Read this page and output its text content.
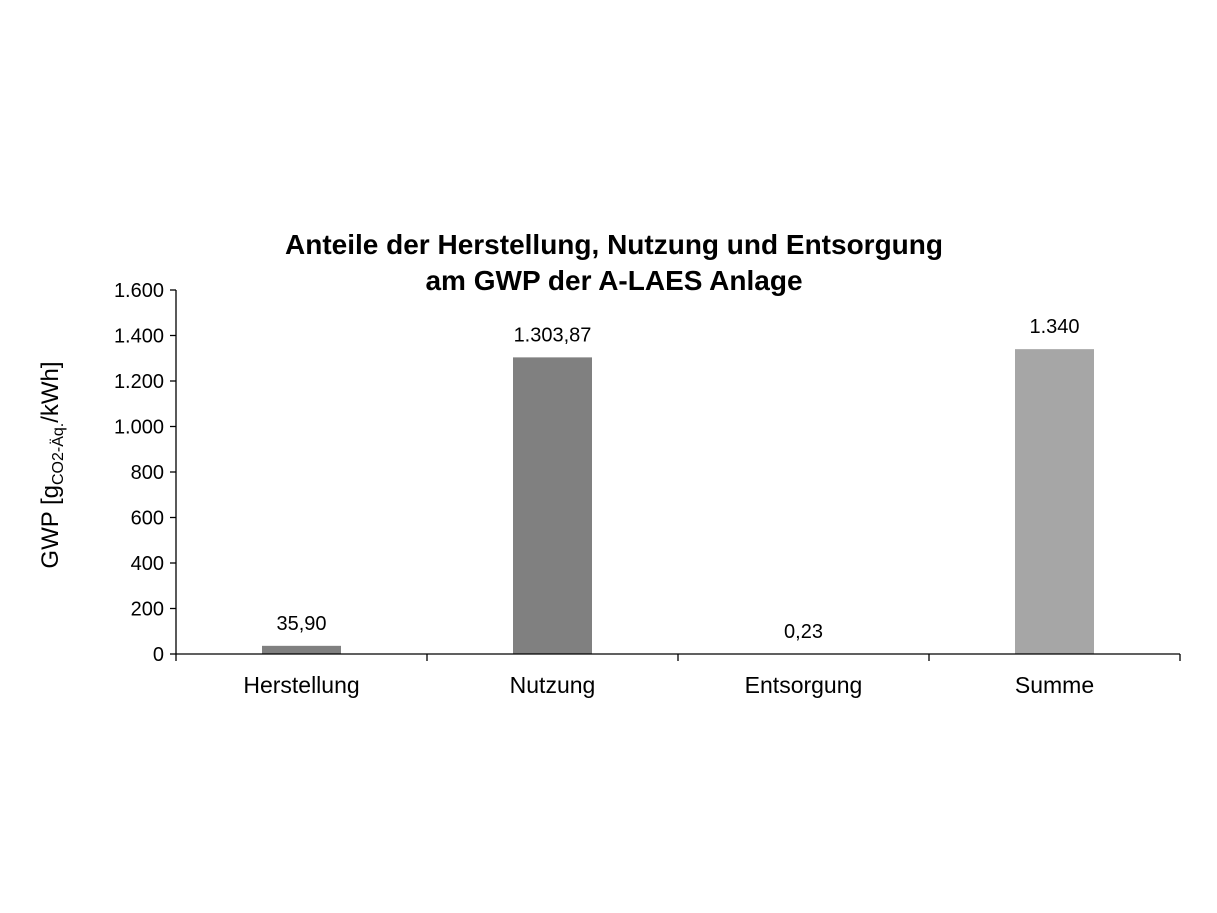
Anteile der Herstellung, Nutzung und Entsorgung
am GWP der A-LAES Anlage
GWP $[g_{CO2-Äq.}/kWh]$
0
200
400
600
800
1.000
1.200
1.400
1.600
35,90
1.303,87
0,23
1.340
Herstellung	Nutzung	Entsorgung	Summe
